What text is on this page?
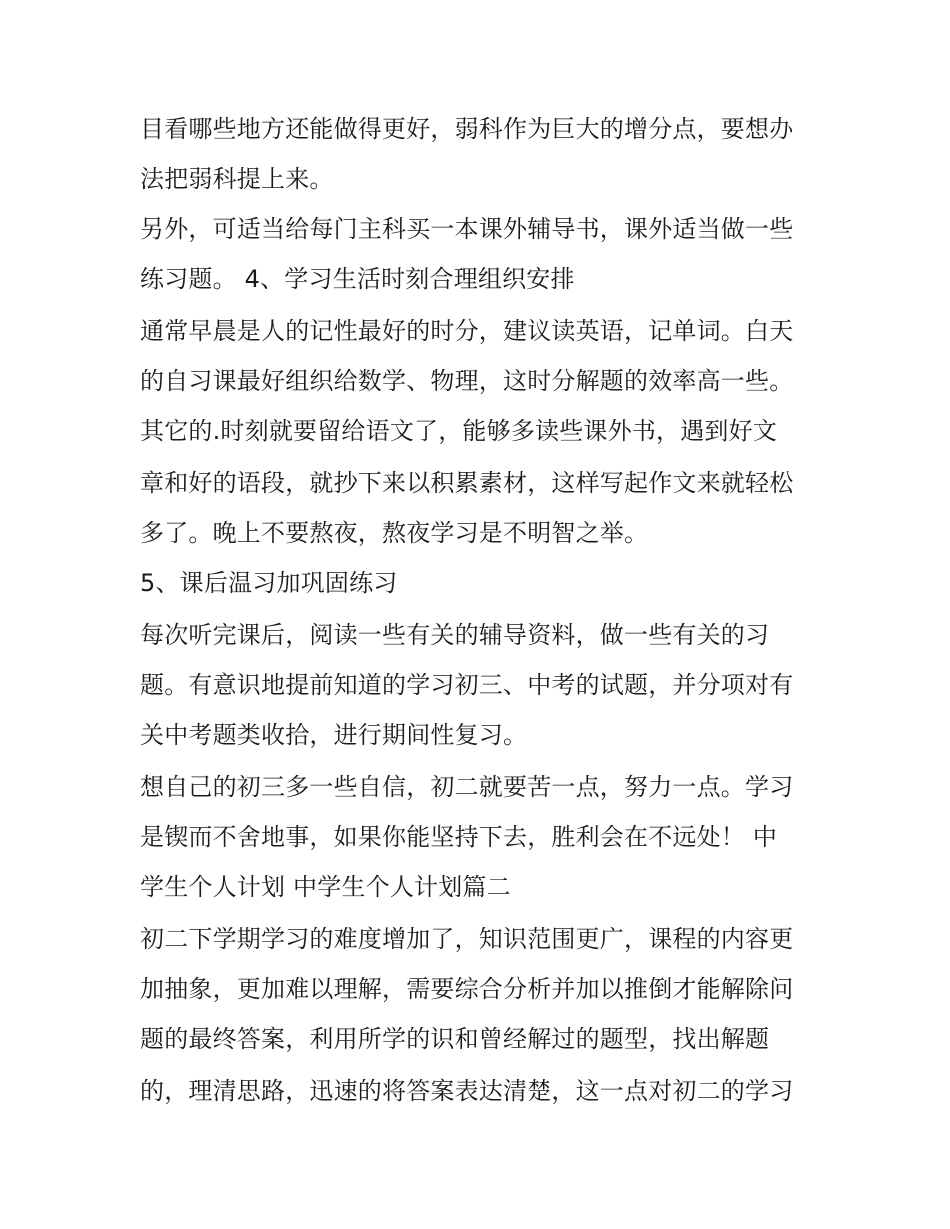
目看哪些地方还能做得更好，弱科作为巨大的增分点，要想办
法把弱科提上来。
另外，可适当给每门主科买一本课外辅导书，课外适当做一些
练习题。 4、学习生活时刻合理组织安排
通常早晨是人的记性最好的时分，建议读英语，记单词。白天
的自习课最好组织给数学、物理，这时分解题的效率高一些。
其它的.时刻就要留给语文了，能够多读些课外书，遇到好文
章和好的语段，就抄下来以积累素材，这样写起作文来就轻松
多了。晚上不要熬夜，熬夜学习是不明智之举。
5、课后温习加巩固练习
每次听完课后，阅读一些有关的辅导资料，做一些有关的习
题。有意识地提前知道的学习初三、中考的试题，并分项对有
关中考题类收拾，进行期间性复习。
想自己的初三多一些自信，初二就要苦一点，努力一点。学习
是锲而不舍地事，如果你能坚持下去，胜利会在不远处！ 中
学生个人计划 中学生个人计划篇二
初二下学期学习的难度增加了，知识范围更广，课程的内容更
加抽象，更加难以理解，需要综合分析并加以推倒才能解除问
题的最终答案，利用所学的识和曾经解过的题型，找出解题
的，理清思路，迅速的将答案表达清楚，这一点对初二的学习
